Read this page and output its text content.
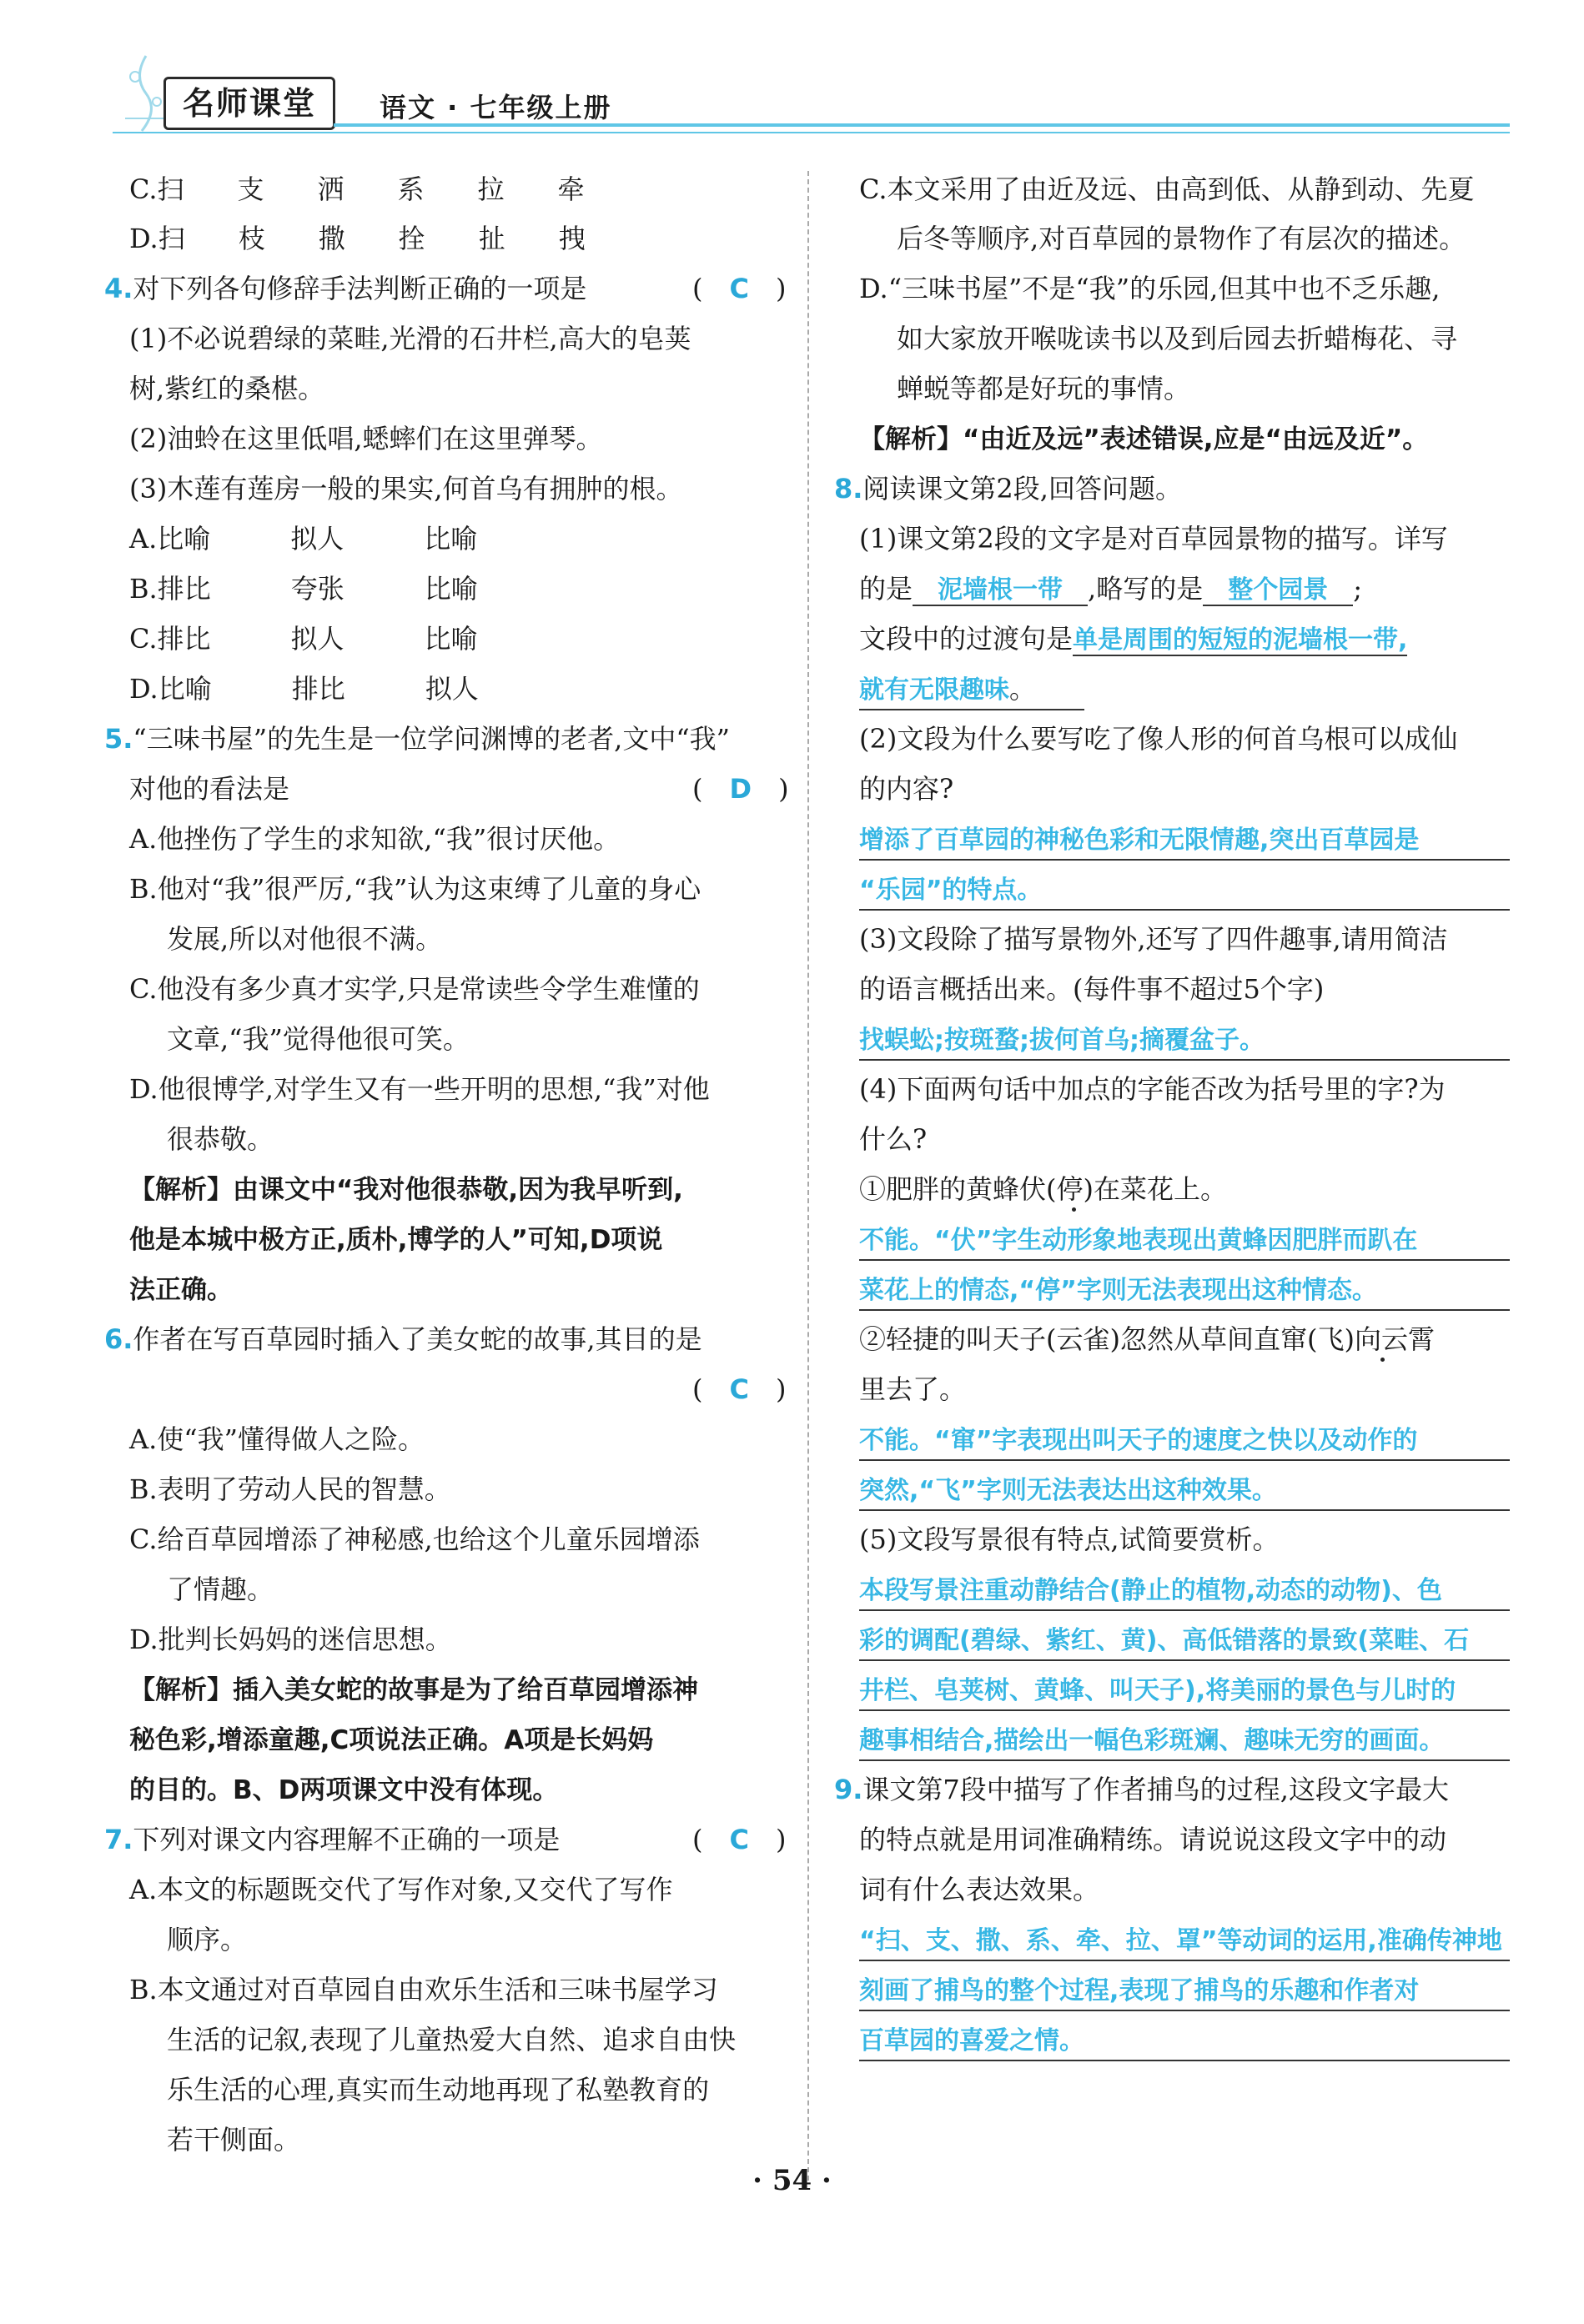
名师课堂	语文 · 七年级上册
C.扫　　支　　洒　　系　　拉　　牵
D.扫　　枝　　撒　　拴　　扯　　拽
4.对下列各句修辞手法判断正确的一项是	(　C　)
(1)不必说碧绿的菜畦,光滑的石井栏,高大的皂荚
树,紫红的桑椹。
(2)油蛉在这里低唱,蟋蟀们在这里弹琴。
(3)木莲有莲房一般的果实,何首乌有拥肿的根。
A.比喻　　　拟人　　　比喻
B.排比　　　夸张　　　比喻
C.排比　　　拟人　　　比喻
D.比喻　　　排比　　　拟人
5.“三味书屋”的先生是一位学问渊博的老者,文中“我”
对他的看法是	(　D　)
A.他挫伤了学生的求知欲,“我”很讨厌他。
B.他对“我”很严厉,“我”认为这束缚了儿童的身心
发展,所以对他很不满。
C.他没有多少真才实学,只是常读些令学生难懂的
文章,“我”觉得他很可笑。
D.他很博学,对学生又有一些开明的思想,“我”对他
很恭敬。
【解析】由课文中“我对他很恭敬,因为我早听到,
他是本城中极方正,质朴,博学的人”可知,D项说
法正确。
6.作者在写百草园时插入了美女蛇的故事,其目的是
(　C　)
A.使“我”懂得做人之险。
B.表明了劳动人民的智慧。
C.给百草园增添了神秘感,也给这个儿童乐园增添
了情趣。
D.批判长妈妈的迷信思想。
【解析】插入美女蛇的故事是为了给百草园增添神
秘色彩,增添童趣,C项说法正确。A项是长妈妈
的目的。B、D两项课文中没有体现。
7.下列对课文内容理解不正确的一项是	(　C　)
A.本文的标题既交代了写作对象,又交代了写作
顺序。
B.本文通过对百草园自由欢乐生活和三味书屋学习
生活的记叙,表现了儿童热爱大自然、追求自由快
乐生活的心理,真实而生动地再现了私塾教育的
若干侧面。
C.本文采用了由近及远、由高到低、从静到动、先夏
后冬等顺序,对百草园的景物作了有层次的描述。
D.“三味书屋”不是“我”的乐园,但其中也不乏乐趣,
如大家放开喉咙读书以及到后园去折蜡梅花、寻
蝉蜕等都是好玩的事情。
【解析】“由近及远”表述错误,应是“由远及近”。
8.阅读课文第2段,回答问题。
(1)课文第2段的文字是对百草园景物的描写。详写
的是　泥墙根一带　,略写的是　整个园景　;
文段中的过渡句是单是周围的短短的泥墙根一带,
就有无限趣味。
(2)文段为什么要写吃了像人形的何首乌根可以成仙
的内容?
增添了百草园的神秘色彩和无限情趣,突出百草园是
“乐园”的特点。
(3)文段除了描写景物外,还写了四件趣事,请用简洁
的语言概括出来。(每件事不超过5个字)
找蜈蚣;按斑蝥;拔何首乌;摘覆盆子。
(4)下面两句话中加点的字能否改为括号里的字?为
什么?
①肥胖的黄蜂伏(停)在菜花上。
不能。“伏”字生动形象地表现出黄蜂因肥胖而趴在
菜花上的情态,“停”字则无法表现出这种情态。
②轻捷的叫天子(云雀)忽然从草间直窜(飞)向云霄
里去了。
不能。“窜”字表现出叫天子的速度之快以及动作的
突然,“飞”字则无法表达出这种效果。
(5)文段写景很有特点,试简要赏析。
本段写景注重动静结合(静止的植物,动态的动物)、色
彩的调配(碧绿、紫红、黄)、高低错落的景致(菜畦、石
井栏、皂荚树、黄蜂、叫天子),将美丽的景色与儿时的
趣事相结合,描绘出一幅色彩斑斓、趣味无穷的画面。
9.课文第7段中描写了作者捕鸟的过程,这段文字最大
的特点就是用词准确精练。请说说这段文字中的动
词有什么表达效果。
“扫、支、撒、系、牵、拉、罩”等动词的运用,准确传神地
刻画了捕鸟的整个过程,表现了捕鸟的乐趣和作者对
百草园的喜爱之情。
· 54 ·
